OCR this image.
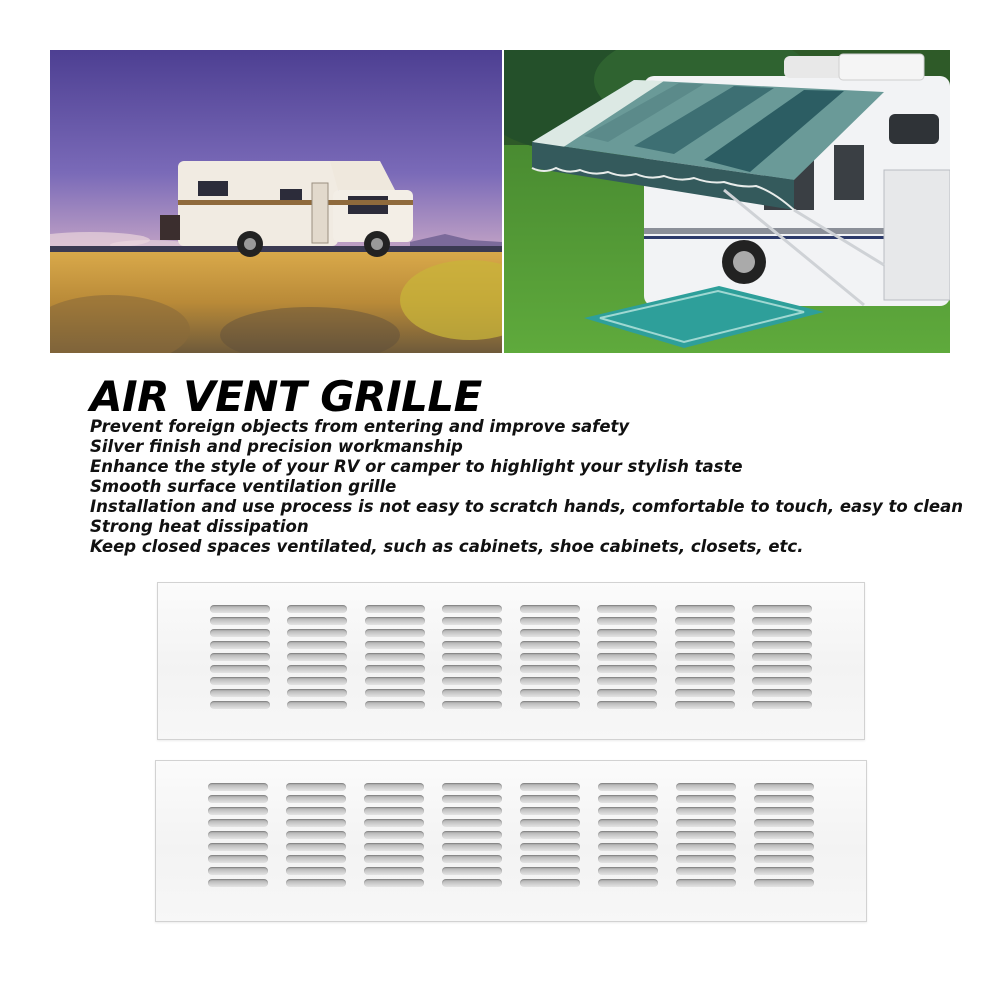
AIR VENT GRILLE
Prevent foreign objects from entering and improve safety
Silver finish and precision workmanship
Enhance the style of your RV or camper to highlight your stylish taste
Smooth surface ventilation grille
Installation and use process is not easy to scratch hands, comfortable to touch, easy to clean
Strong heat dissipation
Keep closed spaces ventilated, such as cabinets, shoe cabinets, closets, etc.
